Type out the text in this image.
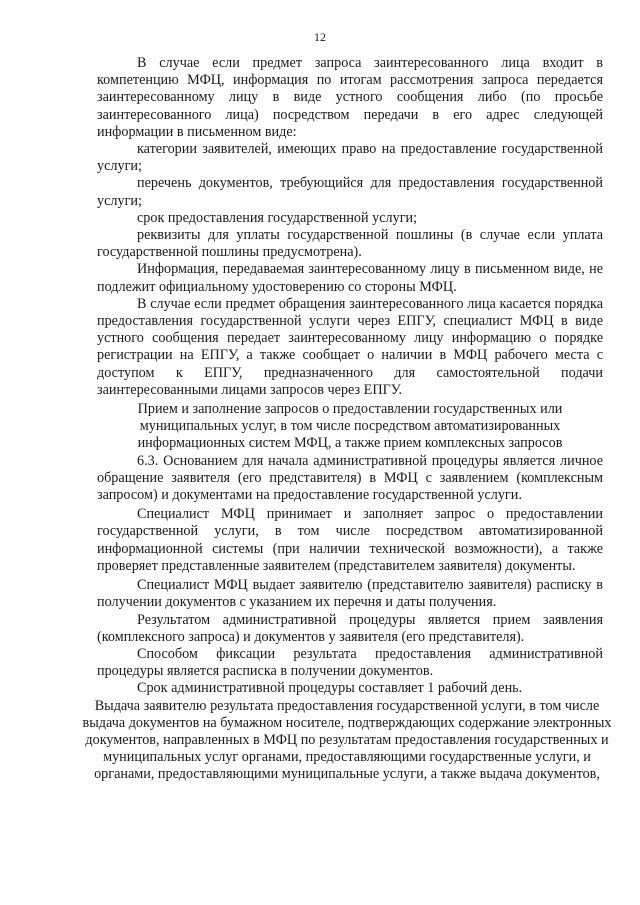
12

В случае если предмет запроса заинтересованного лица входит в компетенцию МФЦ, информация по итогам рассмотрения запроса передается заинтересованному лицу в виде устного сообщения либо (по просьбе заинтересованного лица) посредством передачи в его адрес следующей информации в письменном виде:

категории заявителей, имеющих право на предоставление государственной услуги;

перечень документов, требующийся для предоставления государственной услуги;

срок предоставления государственной услуги;

реквизиты для уплаты государственной пошлины (в случае если уплата государственной пошлины предусмотрена).

Информация, передаваемая заинтересованному лицу в письменном виде, не подлежит официальному удостоверению со стороны МФЦ.

В случае если предмет обращения заинтересованного лица касается порядка предоставления государственной услуги через ЕПГУ, специалист МФЦ в виде устного сообщения передает заинтересованному лицу информацию о порядке регистрации на ЕПГУ, а также сообщает о наличии в МФЦ рабочего места с доступом к ЕПГУ, предназначенного для самостоятельной подачи заинтересованными лицами запросов через ЕПГУ.

Прием и заполнение запросов о предоставлении государственных или муниципальных услуг, в том числе посредством автоматизированных информационных систем МФЦ, а также прием комплексных запросов

6.3. Основанием для начала административной процедуры является личное обращение заявителя (его представителя) в МФЦ с заявлением (комплексным запросом) и документами на предоставление государственной услуги.

Специалист МФЦ принимает и заполняет запрос о предоставлении государственной услуги, в том числе посредством автоматизированной информационной системы (при наличии технической возможности), а также проверяет представленные заявителем (представителем заявителя) документы.

Специалист МФЦ выдает заявителю (представителю заявителя) расписку в получении документов с указанием их перечня и даты получения.

Результатом административной процедуры является прием заявления (комплексного запроса) и документов у заявителя (его представителя).

Способом фиксации результата предоставления административной процедуры является расписка в получении документов.

Срок административной процедуры составляет 1 рабочий день.

Выдача заявителю результата предоставления государственной услуги, в том числе выдача документов на бумажном носителе, подтверждающих содержание электронных документов, направленных в МФЦ по результатам предоставления государственных и муниципальных услуг органами, предоставляющими государственные услуги, и органами, предоставляющими муниципальные услуги, а также выдача документов,
